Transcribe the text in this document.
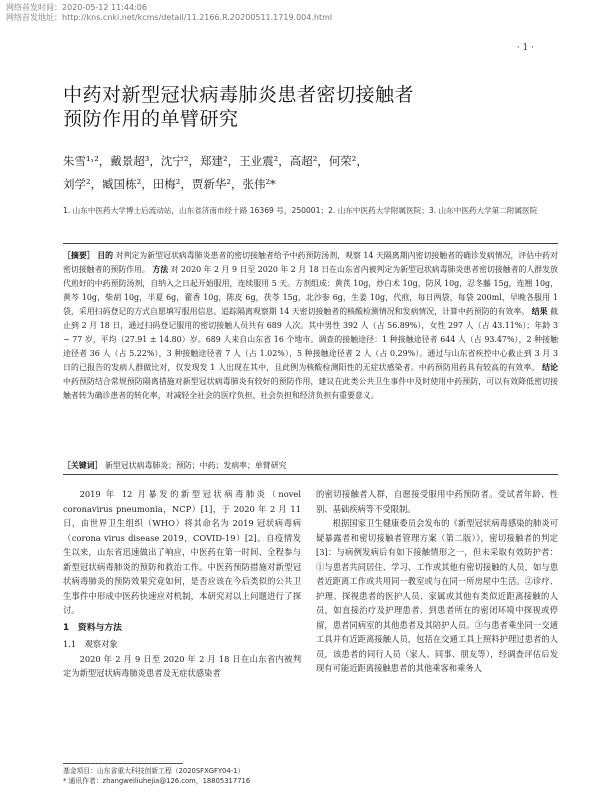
网络首发时间：2020-05-12 11:44:06
网络首发地址：http://kns.cnki.net/kcms/detail/11.2166.R.20200511.1719.004.html
· 1 ·
中药对新型冠状病毒肺炎患者密切接触者
预防作用的单臂研究
朱雪¹˒²，戴景超³，沈宁²，郑建²，王业震²，高超²，何荣²，
刘学²，臧国栋²，田梅²，贾新华²，张伟²*
1. 山东中医药大学博士后流动站，山东省济南市经十路 16369 号，250001；2. 山东中医药大学附属医院；3. 山东中医药大学第二附属医院
［摘要］ 目的 对判定为新型冠状病毒肺炎患者的密切接触者给予中药预防汤剂，观察 14 天隔离期内密切接触者的确诊发病情况，评估中药对密切接触者的预防作用。 方法 对 2020 年 2 月 9 日至 2020 年 2 月 18 日在山东省内被判定为新型冠状病毒肺炎患者密切接触者的人群发放代煎好的中药预防汤剂，自纳入之日起开始服用，连续服用 5 天。方剂组成：黄芪 10g，炒白术 10g，防风 10g，忍冬藤 15g，连翘 10g，黄芩 10g，柴胡 10g，半夏 6g，藿香 10g，陈皮 6g，茯苓 15g，北沙参 6g，生姜 10g，代煎，每日两袋，每袋 200ml，早晚各服用 1 袋，采用扫码登记的方式自愿填写服用信息。追踪隔离观察期 14 天密切接触者的核酸检测情况和发病情况，计算中药预防的有效率。 结果 截止到 2 月 18 日，通过扫码登记服用的密切接触人员共有 689 人次。其中男性 392 人（占 56.89%），女性 297 人（占 43.11%）；年龄 3 ~ 77 岁，平均（27.91 ± 14.80）岁。689 人来自山东省 16 个地市。调查的接触途径：1 种接触途径者 644 人（占 93.47%），2 种接触途径者 36 人（占 5.22%），3 种接触途径者 7 人（占 1.02%），5 种接触途径者 2 人（占 0.29%）。通过与山东省疾控中心截止到 3 月 3 日的已报告的发病人群做比对，仅发现发 1 人出现在其中，且此例为核酸检测阳性的无症状感染者。中药预防用药具有较高的有效率。 结论 中药预防结合常规预防隔离措施对新型冠状病毒肺炎有较好的预防作用，建议在此类公共卫生事件中及时使用中药预防，可以有效降低密切接触者转为确诊患者的转化率，对减轻全社会的医疗负担、社会负担和经济负担有重要意义。
［关键词］ 新型冠状病毒肺炎；预防；中药；发病率；单臂研究

2019 年 12 月暴发的新型冠状病毒肺炎（novel coronavirus pneumonia，NCP）[1]，于 2020 年 2 月 11 日，由世界卫生组织（WHO）将其命名为 2019 冠状病毒病（corona virus disease 2019，COVID-19）[2]。自疫情发生以来，山东省迅速做出了响应，中医药在第一时间、全程参与新型冠状病毒肺炎的预防和救治工作。中医药预防措施对新型冠状病毒肺炎的预防效果究竟如何，是否应该在今后类似的公共卫生事件中形成中医药快速应对机制，本研究对以上问题进行了探讨。

1　资料与方法

1.1　观察对象

2020 年 2 月 9 日至 2020 年 2 月 18 日在山东省内被判定为新型冠状病毒肺炎患者及无症状感染者

的密切接触者人群，自愿接受服用中药预防者。受试者年龄、性别、基础疾病等不受限制。

根据国家卫生健康委员会发布的《新型冠状病毒感染的肺炎可疑暴露者和密切接触者管理方案（第二版）》，密切接触者的判定[3]：与病例发病后有如下接触情形之一，但未采取有效防护者：①与患者共同居住、学习、工作或其他有密切接触的人员，如与患者近距离工作或共用同一教室或与在同一所房屋中生活。②诊疗、护理、探视患者的医护人员、家属或其他有类似近距离接触的人员，如直接治疗及护理患者、到患者所在的密闭环境中探视或停留，患者同病室的其他患者及其陪护人员。③与患者乘坐同一交通工具并有近距离接触人员，包括在交通工具上照料护理过患者的人员，该患者的同行人员（家人、同事、朋友等），经调查评估后发现有可能近距离接触患者的其他乘客和乘务人

基金项目：山东省重大科技创新工程（2020SFXGFY04-1）
* 通讯作者：zhangweiliuhejia@126.com，18805317716
